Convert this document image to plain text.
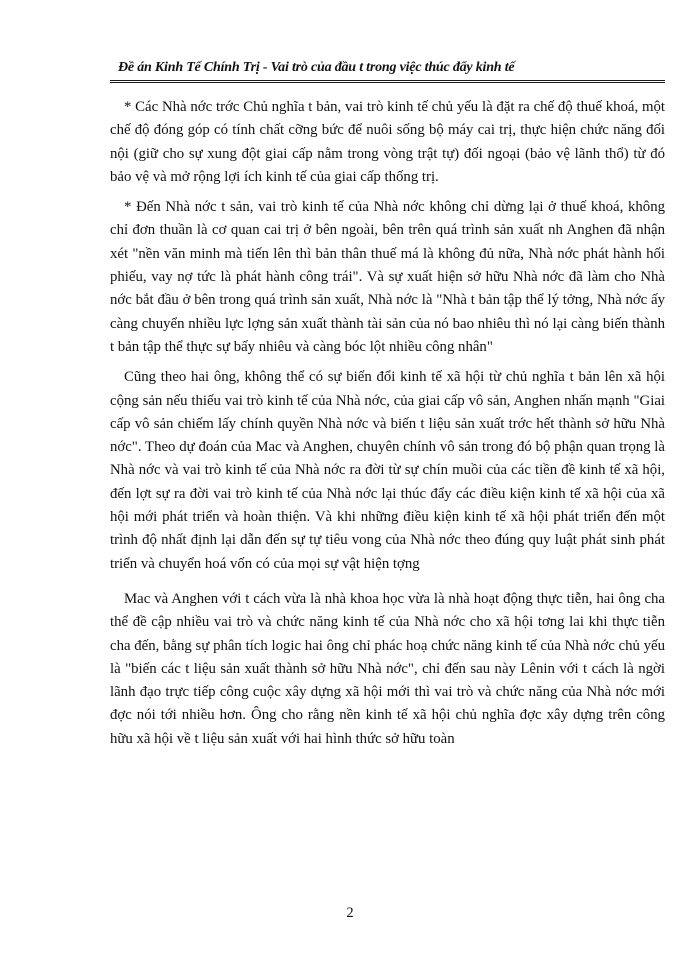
Đề án Kinh Tế Chính Trị - Vai trò của đầu t trong việc thúc đẩy kinh tế

* Các Nhà nớc trớc Chủ nghĩa t bản, vai trò kinh tế chủ yếu là đặt ra chế độ thuế khoá, một chế độ đóng góp có tính chất cỡng bức để nuôi sống bộ máy cai trị, thực hiện chức năng đối nội (giữ cho sự xung đột giai cấp nằm trong vòng trật tự) đối ngoại (bảo vệ lãnh thổ) từ đó bảo vệ và mở rộng lợi ích kinh tế của giai cấp thống trị.

* Đến Nhà nớc t sản, vai trò kinh tế của Nhà nớc không chỉ dừng lại ở thuế khoá, không chỉ đơn thuần là cơ quan cai trị ở bên ngoài, bên trên quá trình sản xuất nh Anghen đã nhận xét "nền văn minh mà tiến lên thì bản thân thuế má là không đủ nữa, Nhà nớc phát hành hối phiếu, vay nợ tức là phát hành công trái". Và sự xuất hiện sở hữu Nhà nớc đã làm cho Nhà nớc bắt đầu ở bên trong quá trình sản xuất, Nhà nớc là "Nhà t bản tập thể lý tởng, Nhà nớc ấy càng chuyển nhiều lực lợng sản xuất thành tài sản của nó bao nhiêu thì nó lại càng biến thành t bản tập thể thực sự bấy nhiêu và càng bóc lột nhiều công nhân"

Cũng theo hai ông, không thể có sự biến đổi kinh tế xã hội từ chủ nghĩa t bản lên xã hội cộng sản nếu thiếu vai trò kinh tế của Nhà nớc, của giai cấp vô sản, Anghen nhấn mạnh "Giai cấp vô sản chiếm lấy chính quyền Nhà nớc và biến t liệu sản xuất trớc hết thành sở hữu Nhà nớc". Theo dự đoán của Mac và Anghen, chuyên chính vô sản trong đó bộ phận quan trọng là Nhà nớc và vai trò kinh tế của Nhà nớc ra đời từ sự chín muồi của các tiền đề kinh tế xã hội, đến lợt sự ra đời vai trò kinh tế của Nhà nớc lại thúc đẩy các điều kiện kinh tế xã hội của xã hội mới phát triển và hoàn thiện. Và khi những điều kiện kinh tế xã hội phát triển đến một trình độ nhất định lại dẫn đến sự tự tiêu vong của Nhà nớc theo đúng quy luật phát sinh phát triển và chuyển hoá vốn có của mọi sự vật hiện tợng

Mac và Anghen với t cách vừa là nhà khoa học vừa là nhà hoạt động thực tiễn, hai ông cha thể đề cập nhiều vai trò và chức năng kinh tế của Nhà nớc cho xã hội tơng lai khi thực tiễn cha đến, bằng sự phân tích logic hai ông chỉ phác hoạ chức năng kinh tế của Nhà nớc chủ yếu là "biến các t liệu sản xuất thành sở hữu Nhà nớc", chỉ đến sau này Lênin với t cách là ngời lãnh đạo trực tiếp công cuộc xây dựng xã hội mới thì vai trò và chức năng của Nhà nớc mới đợc nói tới nhiều hơn. Ông cho rằng nền kinh tế xã hội chủ nghĩa đợc xây dựng trên công hữu xã hội về t liệu sản xuất với hai hình thức sở hữu toàn

2
